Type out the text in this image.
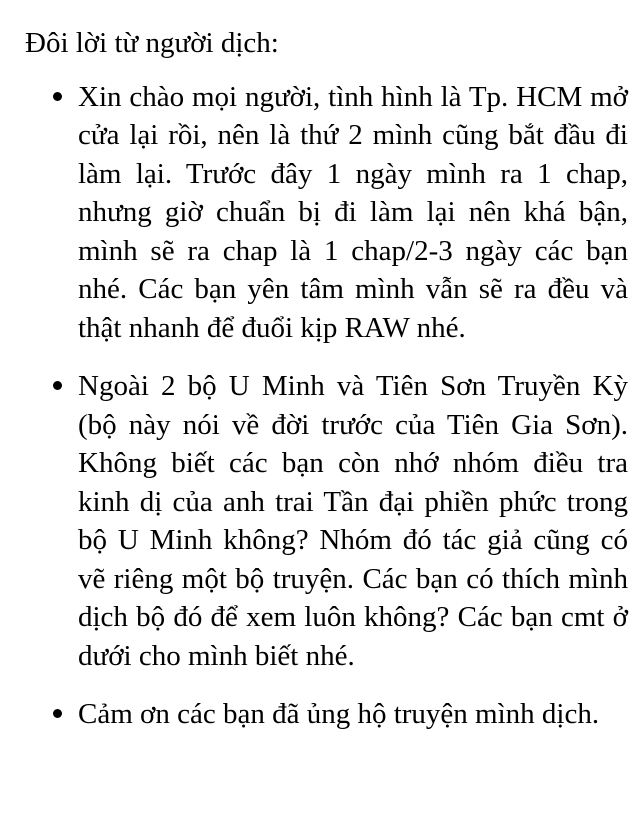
Đôi lời từ người dịch:

Xin chào mọi người, tình hình là Tp. HCM mở cửa lại rồi, nên là thứ 2 mình cũng bắt đầu đi làm lại. Trước đây 1 ngày mình ra 1 chap, nhưng giờ chuẩn bị đi làm lại nên khá bận, mình sẽ ra chap là 1 chap/2-3 ngày các bạn nhé. Các bạn yên tâm mình vẫn sẽ ra đều và thật nhanh để đuổi kịp RAW nhé.
Ngoài 2 bộ U Minh và Tiên Sơn Truyền Kỳ (bộ này nói về đời trước của Tiên Gia Sơn). Không biết các bạn còn nhớ nhóm điều tra kinh dị của anh trai Tần đại phiền phức trong bộ U Minh không? Nhóm đó tác giả cũng có vẽ riêng một bộ truyện. Các bạn có thích mình dịch bộ đó để xem luôn không? Các bạn cmt ở dưới cho mình biết nhé.
Cảm ơn các bạn đã ủng hộ truyện mình dịch.
